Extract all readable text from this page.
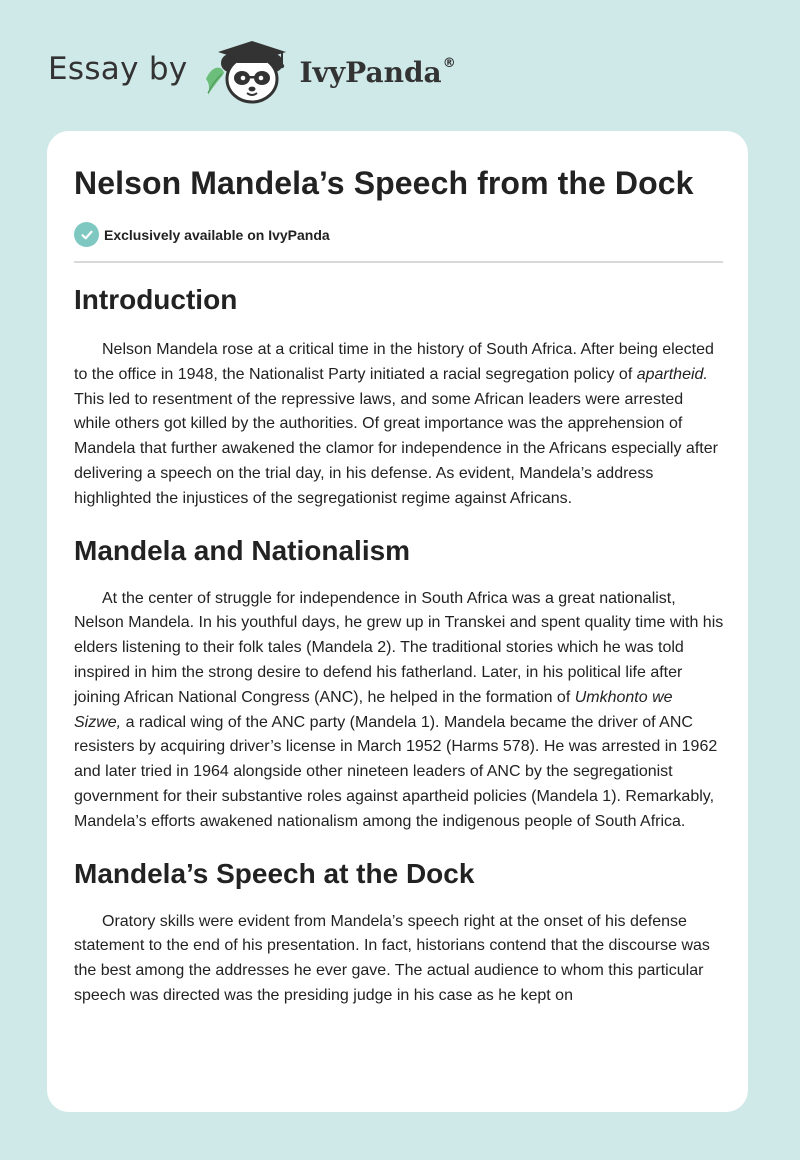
Essay by	IvyPanda®
Nelson Mandela’s Speech from the Dock
Exclusively available on IvyPanda
Introduction

Nelson Mandela rose at a critical time in the history of South Africa. After being elected to the office in 1948, the Nationalist Party initiated a racial segregation policy of apartheid. This led to resentment of the repressive laws, and some African leaders were arrested while others got killed by the authorities. Of great importance was the apprehension of Mandela that further awakened the clamor for independence in the Africans especially after delivering a speech on the trial day, in his defense. As evident, Mandela’s address highlighted the injustices of the segregationist regime against Africans.

Mandela and Nationalism

At the center of struggle for independence in South Africa was a great nationalist, Nelson Mandela. In his youthful days, he grew up in Transkei and spent quality time with his elders listening to their folk tales (Mandela 2). The traditional stories which he was told inspired in him the strong desire to defend his fatherland. Later, in his political life after joining African National Congress (ANC), he helped in the formation of Umkhonto we Sizwe, a radical wing of the ANC party (Mandela 1). Mandela became the driver of ANC resisters by acquiring driver’s license in March 1952 (Harms 578). He was arrested in 1962 and later tried in 1964 alongside other nineteen leaders of ANC by the segregationist government for their substantive roles against apartheid policies (Mandela 1). Remarkably, Mandela’s efforts awakened nationalism among the indigenous people of South Africa.

Mandela’s Speech at the Dock

Oratory skills were evident from Mandela’s speech right at the onset of his defense statement to the end of his presentation. In fact, historians contend that the discourse was the best among the addresses he ever gave. The actual audience to whom this particular speech was directed was the presiding judge in his case as he kept on
